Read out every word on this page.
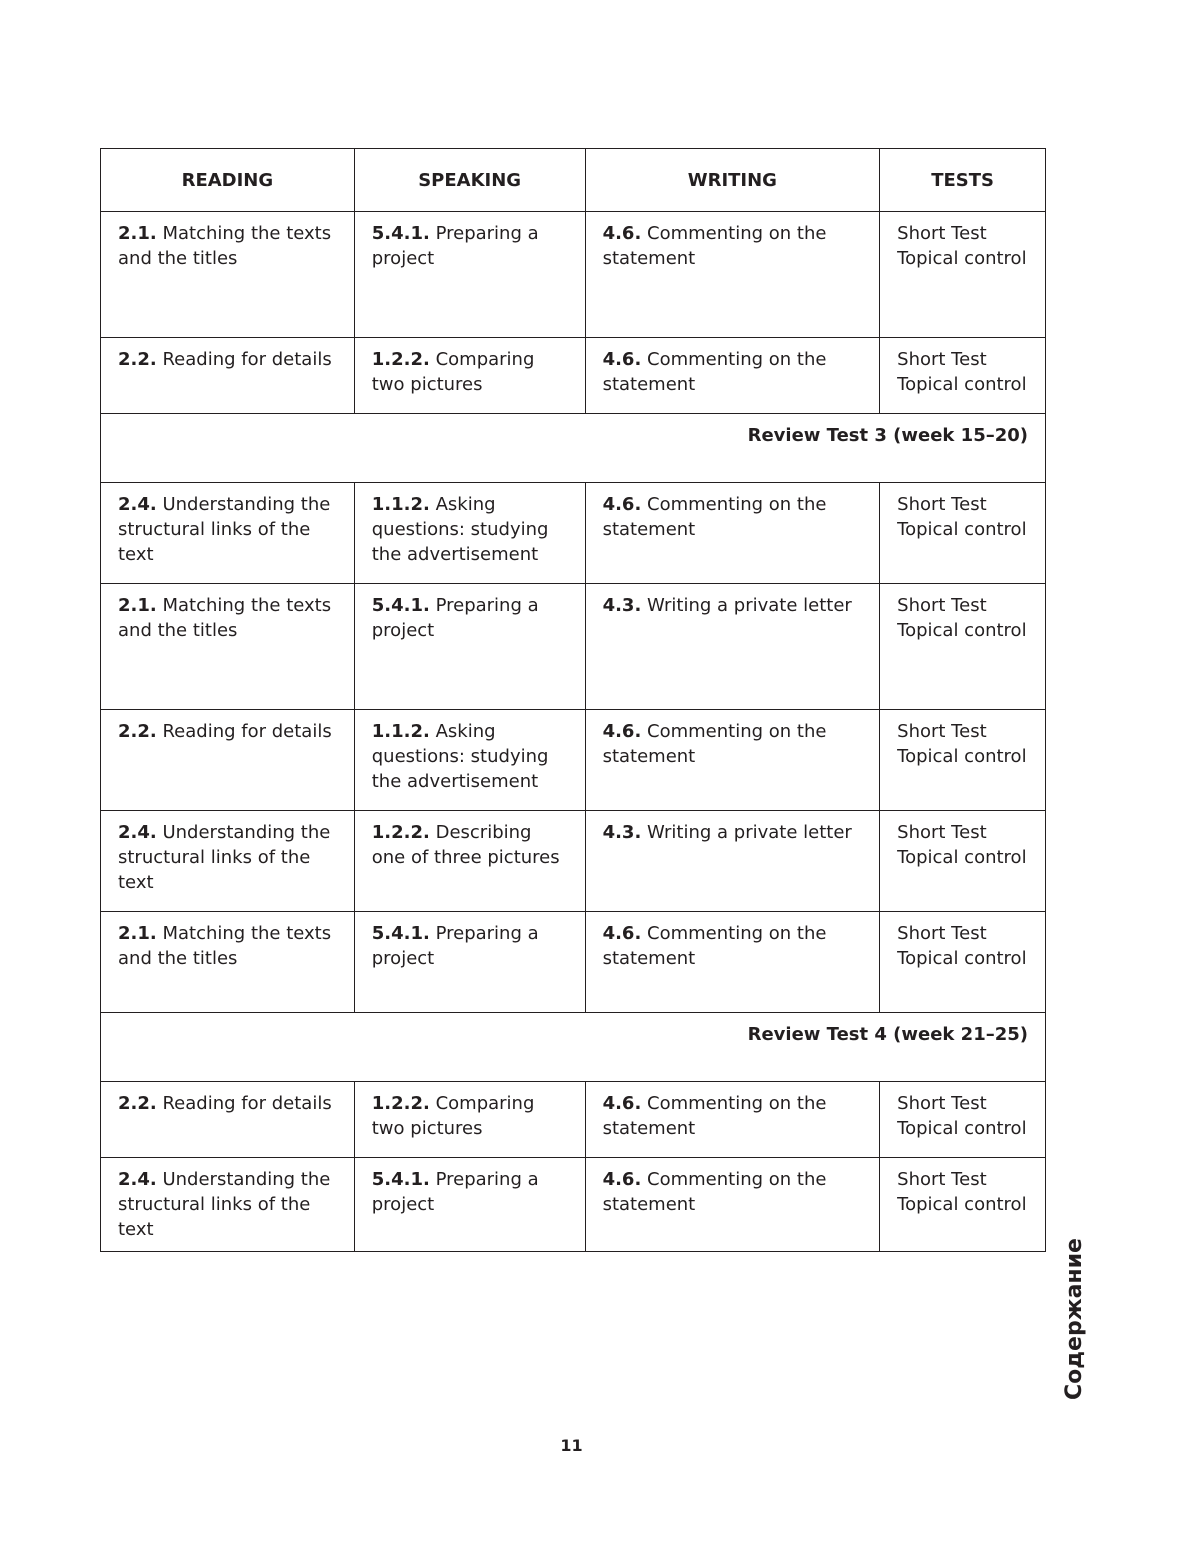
READING	SPEAKING	WRITING	TESTS
2.1. Matching the texts and the titles	5.4.1. Preparing a project	4.6. Commenting on the statement	Short Test
Topical control
2.2. Reading for details	1.2.2. Comparing two pictures	4.6. Commenting on the statement	Short Test
Topical control
Review Test 3 (week 15–20)			
2.4. Understanding the structural links of the text	1.1.2. Asking questions: studying the advertisement	4.6. Commenting on the statement	Short Test
Topical control
2.1. Matching the texts and the titles	5.4.1. Preparing a project	4.3. Writing a private letter	Short Test
Topical control
2.2. Reading for details	1.1.2. Asking questions: studying the advertisement	4.6. Commenting on the statement	Short Test
Topical control
2.4. Understanding the structural links of the text	1.2.2. Describing one of three pictures	4.3. Writing a private letter	Short Test
Topical control
2.1. Matching the texts and the titles	5.4.1. Preparing a project	4.6. Commenting on the statement	Short Test
Topical control
Review Test 4 (week 21–25)			
2.2. Reading for details	1.2.2. Comparing two pictures	4.6. Commenting on the statement	Short Test
Topical control
2.4. Understanding the structural links of the text	5.4.1. Preparing a project	4.6. Commenting on the statement	Short Test
Topical control
Содержание
11
